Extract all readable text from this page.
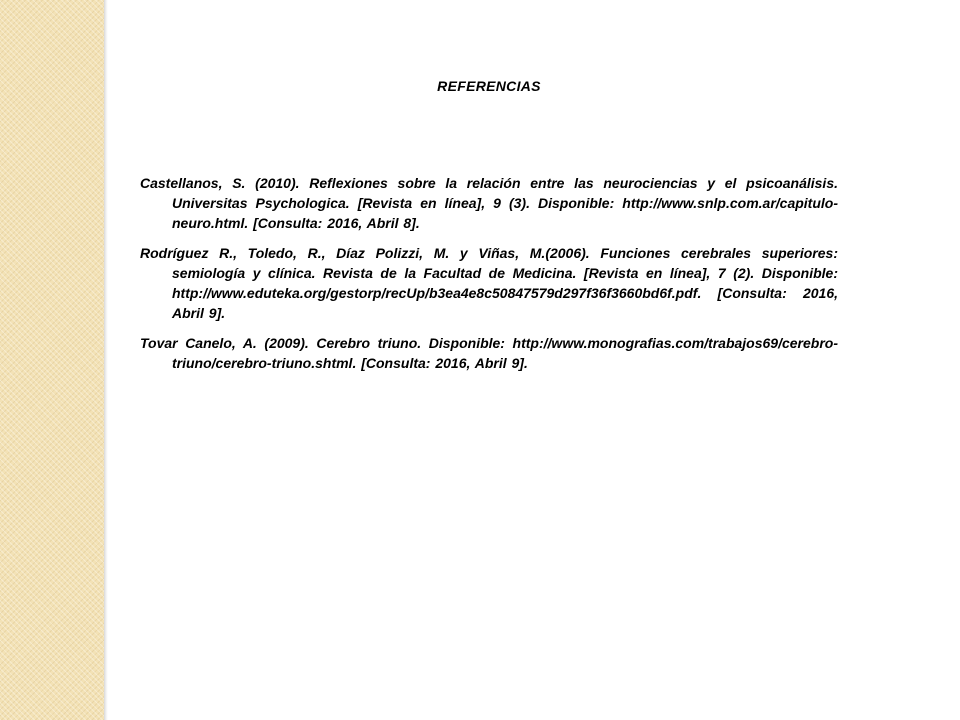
REFERENCIAS
Castellanos, S. (2010). Reflexiones sobre la relación entre las neurociencias y el psicoanálisis. Universitas Psychologica. [Revista en línea], 9 (3). Disponible: http://www.snlp.com.ar/capitulo-neuro.html. [Consulta: 2016, Abril 8].
Rodríguez R., Toledo, R., Díaz Polizzi, M. y Viñas, M.(2006). Funciones cerebrales superiores: semiología y clínica. Revista de la Facultad de Medicina. [Revista en línea], 7 (2). Disponible: http://www.eduteka.org/gestorp/recUp/b3ea4e8c50847579d297f36f3660bd6f.pdf. [Consulta: 2016, Abril 9].
Tovar Canelo, A. (2009). Cerebro triuno. Disponible: http://www.monografias.com/trabajos69/cerebro-triuno/cerebro-triuno.shtml. [Consulta: 2016, Abril 9].
